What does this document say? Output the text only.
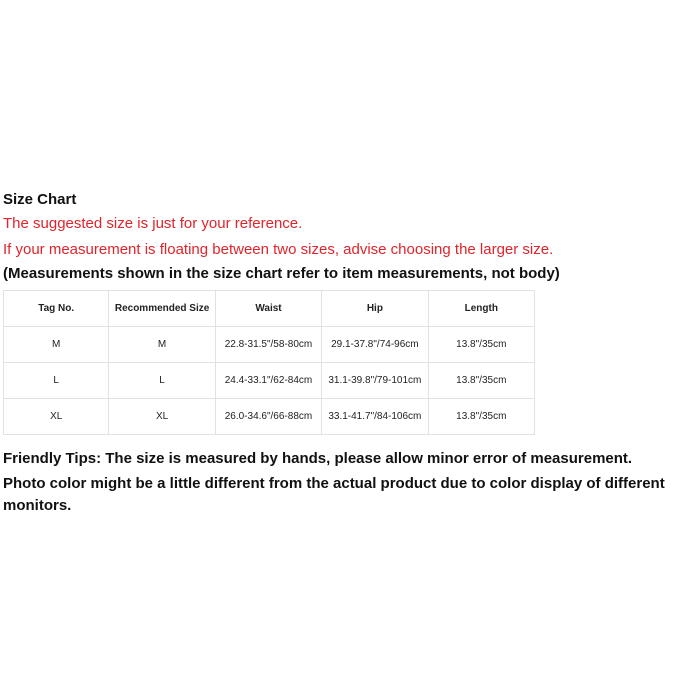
Size Chart
The suggested size is just for your reference.
If your measurement is floating between two sizes, advise choosing the larger size.
(Measurements shown in the size chart refer to item measurements, not body)
Tag No.	Recommended Size	Waist	Hip	Length
M	M	22.8-31.5"/58-80cm	29.1-37.8"/74-96cm	13.8"/35cm
L	L	24.4-33.1"/62-84cm	31.1-39.8"/79-101cm	13.8"/35cm
XL	XL	26.0-34.6"/66-88cm	33.1-41.7"/84-106cm	13.8"/35cm
Friendly Tips: The size is measured by hands, please allow minor error of measurement.
Photo color might be a little different from the actual product due to color display of different monitors.
